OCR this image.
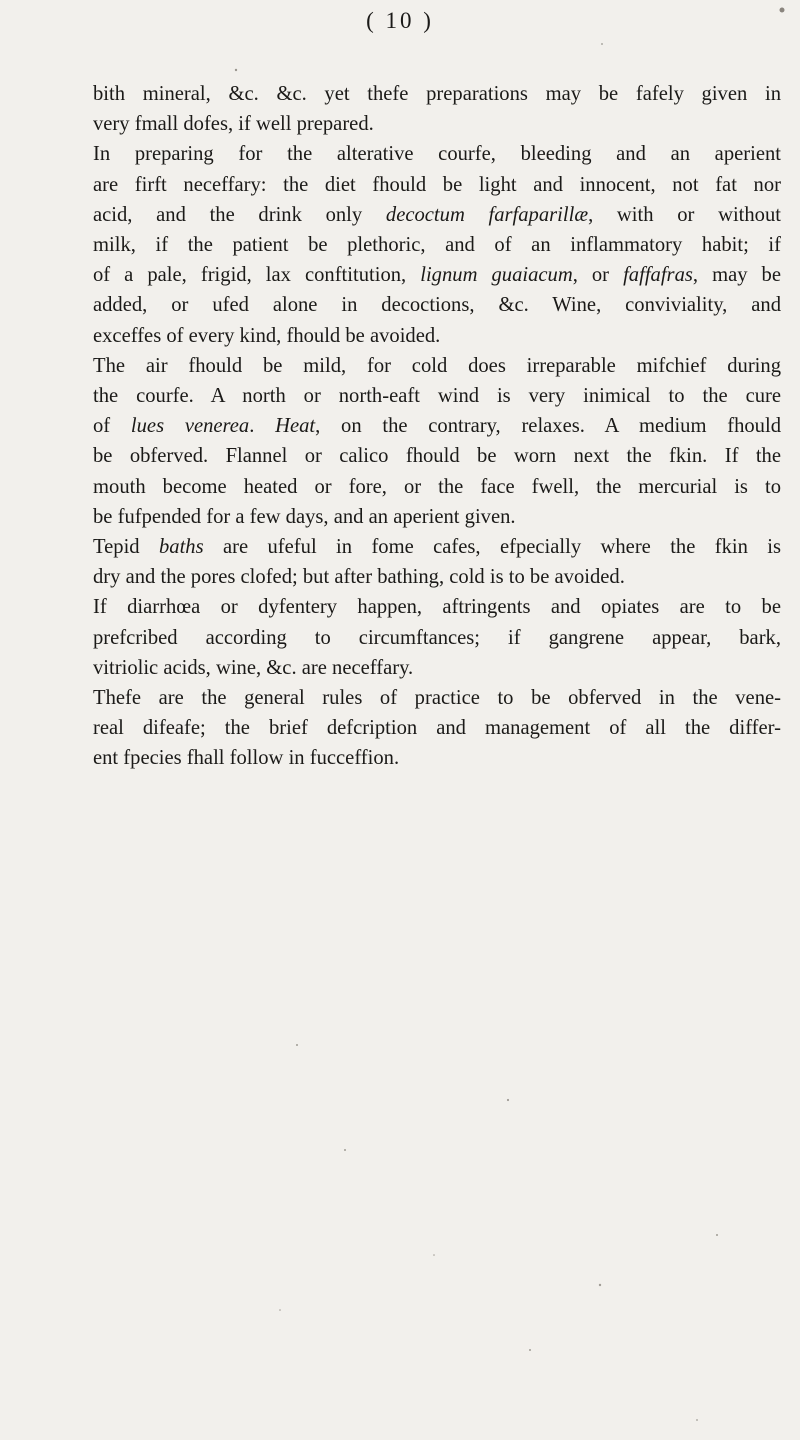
( 10 )
bith mineral, &c. &c. yet thefe preparations may be fafely given in
very fmall dofes, if well prepared.
In preparing for the alterative courfe, bleeding and an aperient
are firft neceffary: the diet fhould be light and innocent, not fat nor
acid, and the drink only decoctum farfaparillæ, with or without
milk, if the patient be plethoric, and of an inflammatory habit; if
of a pale, frigid, lax conftitution, lignum guaiacum, or faffafras, may be
added, or ufed alone in decoctions, &c. Wine, conviviality, and
exceffes of every kind, fhould be avoided.
The air fhould be mild, for cold does irreparable mifchief during
the courfe. A north or north-eaft wind is very inimical to the cure
of lues venerea. Heat, on the contrary, relaxes. A medium fhould
be obferved. Flannel or calico fhould be worn next the fkin. If the
mouth become heated or fore, or the face fwell, the mercurial is to
be fufpended for a few days, and an aperient given.
Tepid baths are ufeful in fome cafes, efpecially where the fkin is
dry and the pores clofed; but after bathing, cold is to be avoided.
If diarrhœa or dyfentery happen, aftringents and opiates are to be
prefcribed according to circumftances; if gangrene appear, bark,
vitriolic acids, wine, &c. are neceffary.
Thefe are the general rules of practice to be obferved in the vene-
real difeafe; the brief defcription and management of all the differ-
ent fpecies fhall follow in fucceffion.
